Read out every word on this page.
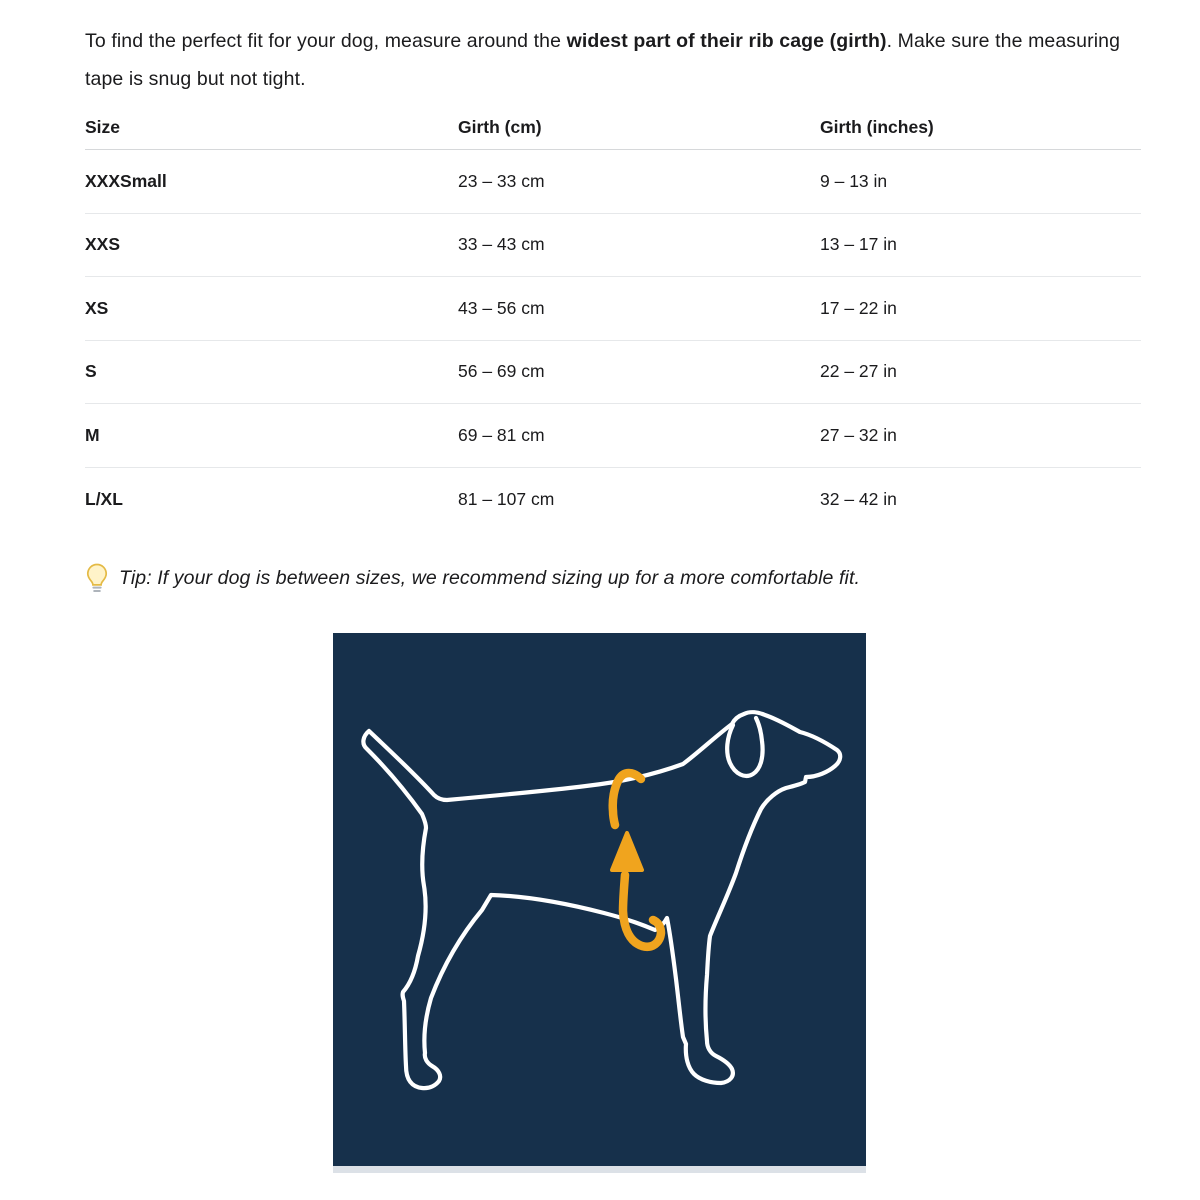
To find the perfect fit for your dog, measure around the widest part of their rib cage (girth). Make sure the measuring tape is snug but not tight.

Size	Girth (cm)	Girth (inches)
XXXSmall	23 – 33 cm	9 – 13 in
XXS	33 – 43 cm	13 – 17 in
XS	43 – 56 cm	17 – 22 in
S	56 – 69 cm	22 – 27 in
M	69 – 81 cm	27 – 32 in
L/XL	81 – 107 cm	32 – 42 in
Tip: If your dog is between sizes, we recommend sizing up for a more comfortable fit.
